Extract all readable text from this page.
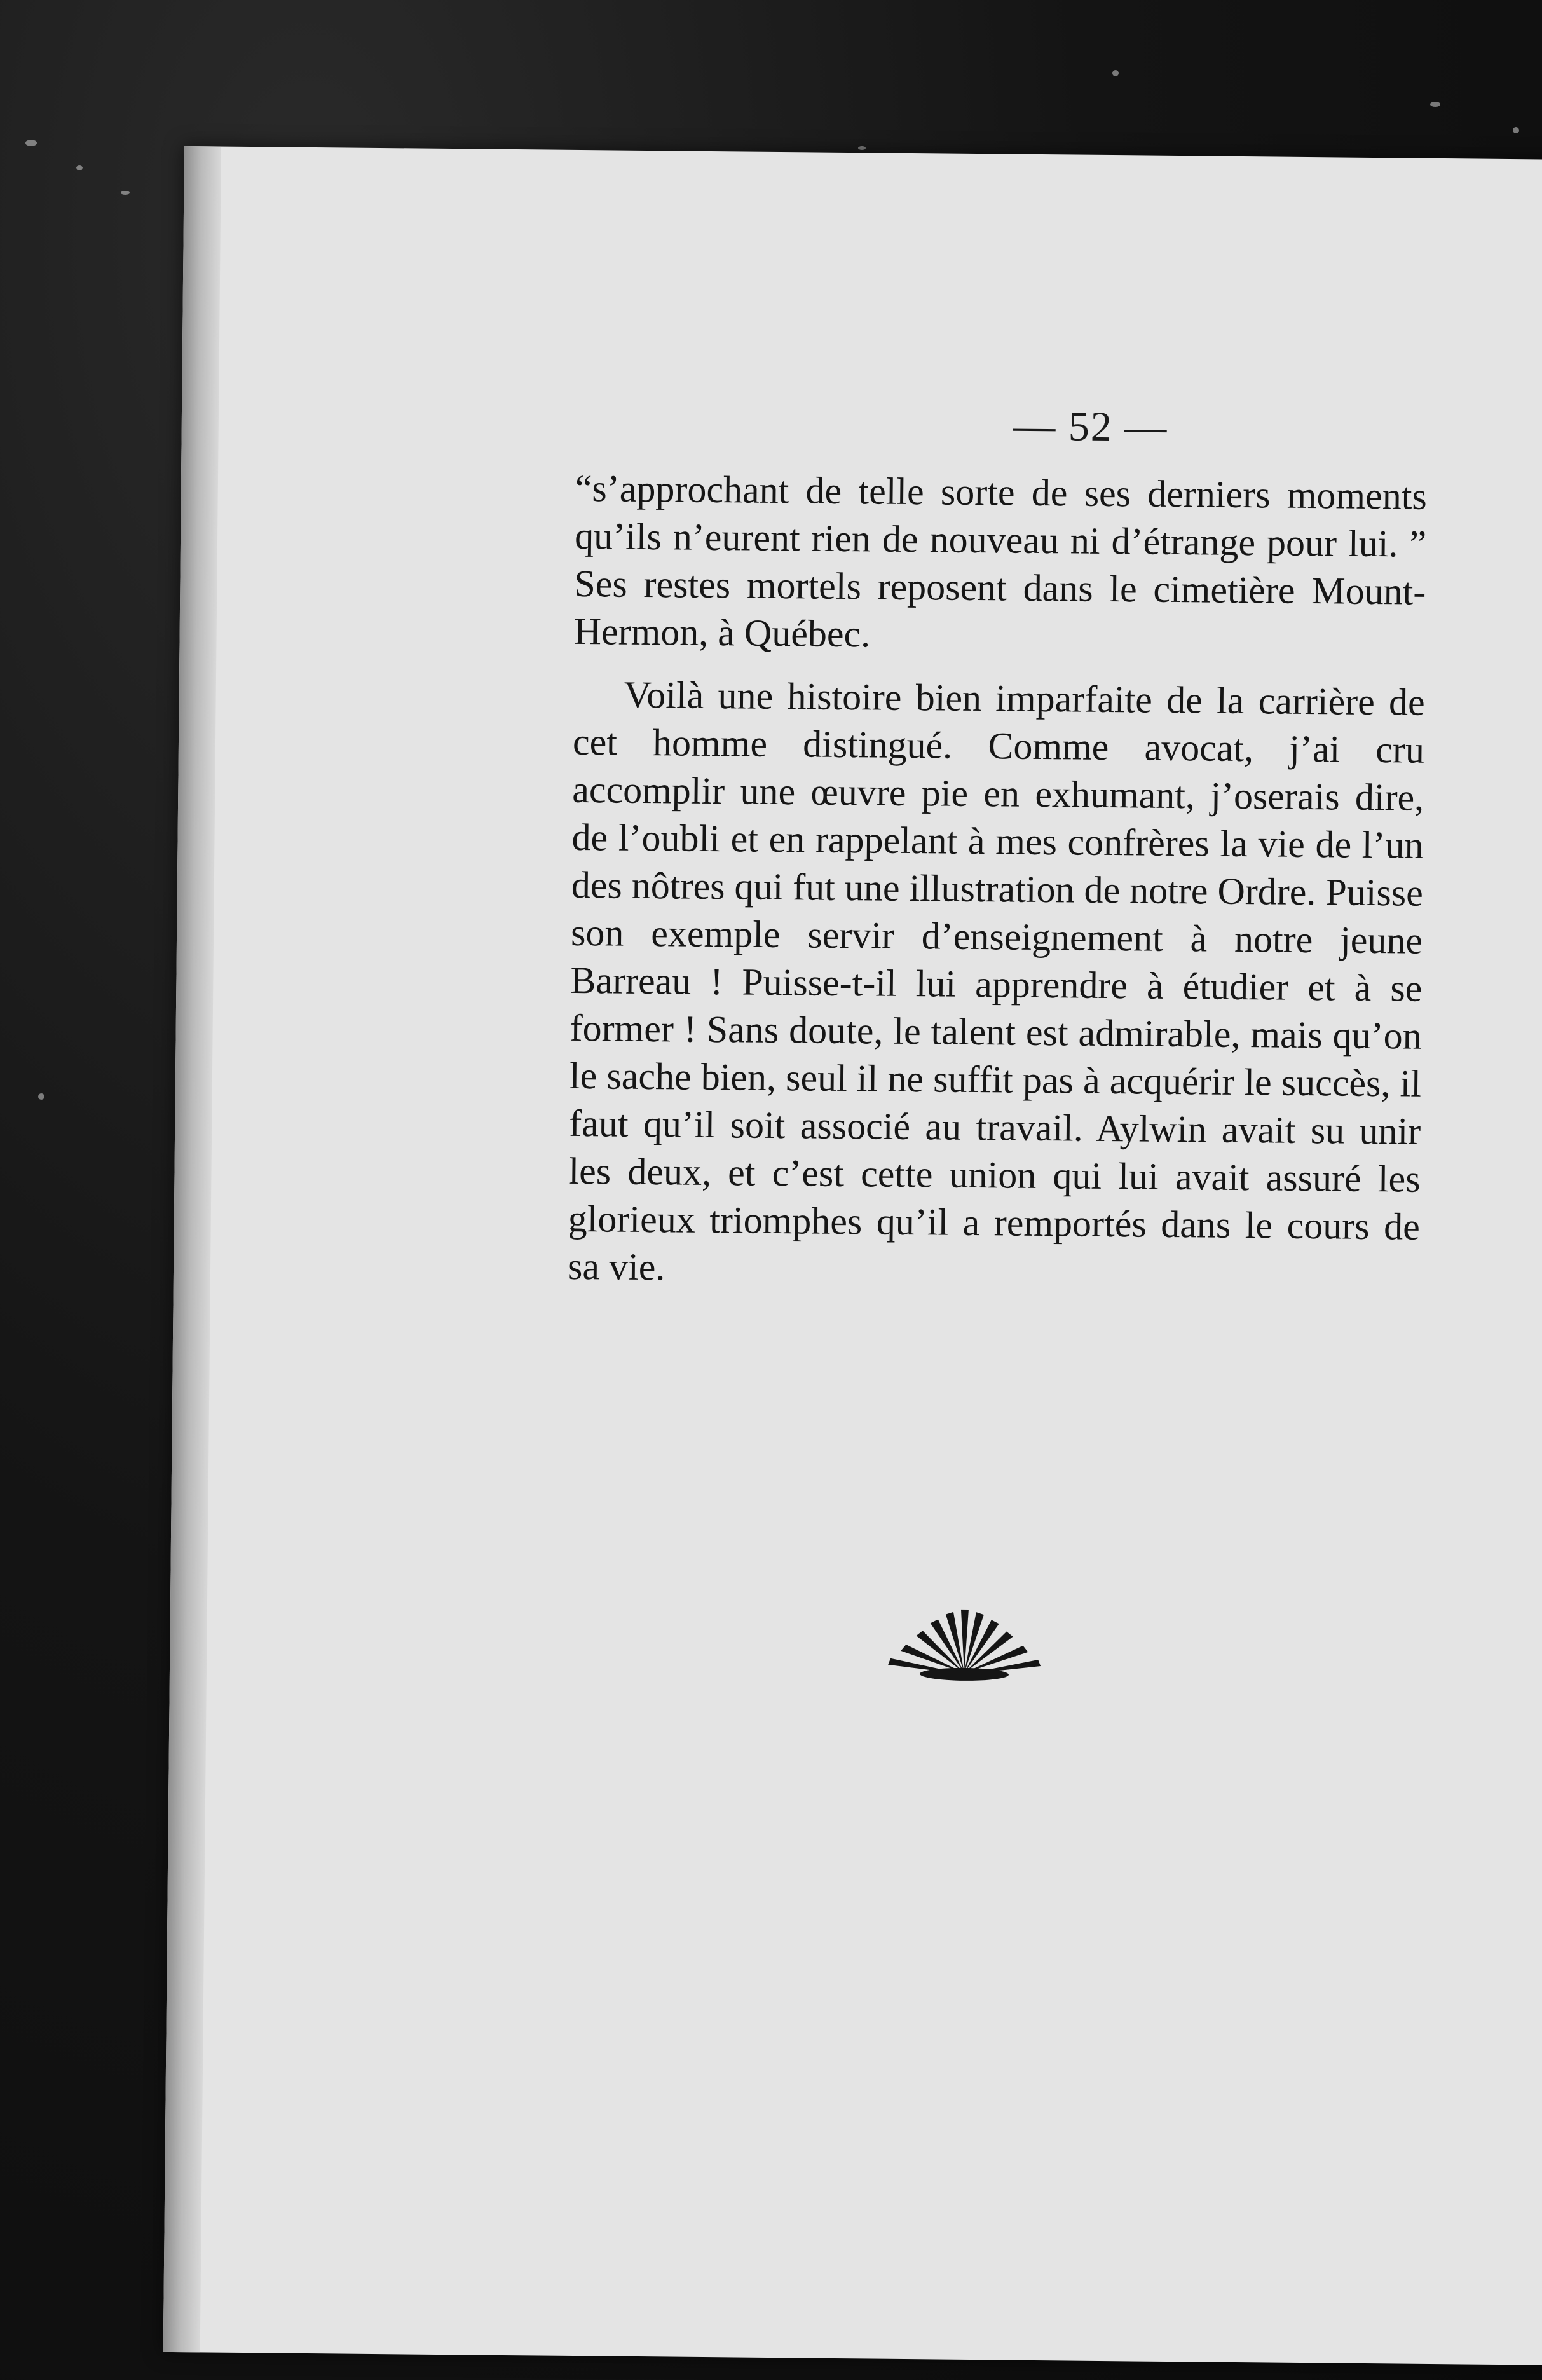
— 52 —

“s’approchant de telle sorte de ses derniers moments qu’ils n’eurent rien de nouveau ni d’étrange pour lui. ” Ses restes mortels reposent dans le cimetière Mount-Hermon, à Québec.

Voilà une histoire bien imparfaite de la carrière de cet homme distingué. Comme avocat, j’ai cru accomplir une œuvre pie en exhumant, j’oserais dire, de l’oubli et en rappelant à mes confrères la vie de l’un des nôtres qui fut une illustration de notre Ordre. Puisse son exemple servir d’enseignement à notre jeune Barreau ! Puisse-t-il lui apprendre à étudier et à se former ! Sans doute, le talent est admirable, mais qu’on le sache bien, seul il ne suffit pas à acquérir le succès, il faut qu’il soit associé au travail. Aylwin avait su unir les deux, et c’est cette union qui lui avait assuré les glorieux triomphes qu’il a remportés dans le cours de sa vie.
